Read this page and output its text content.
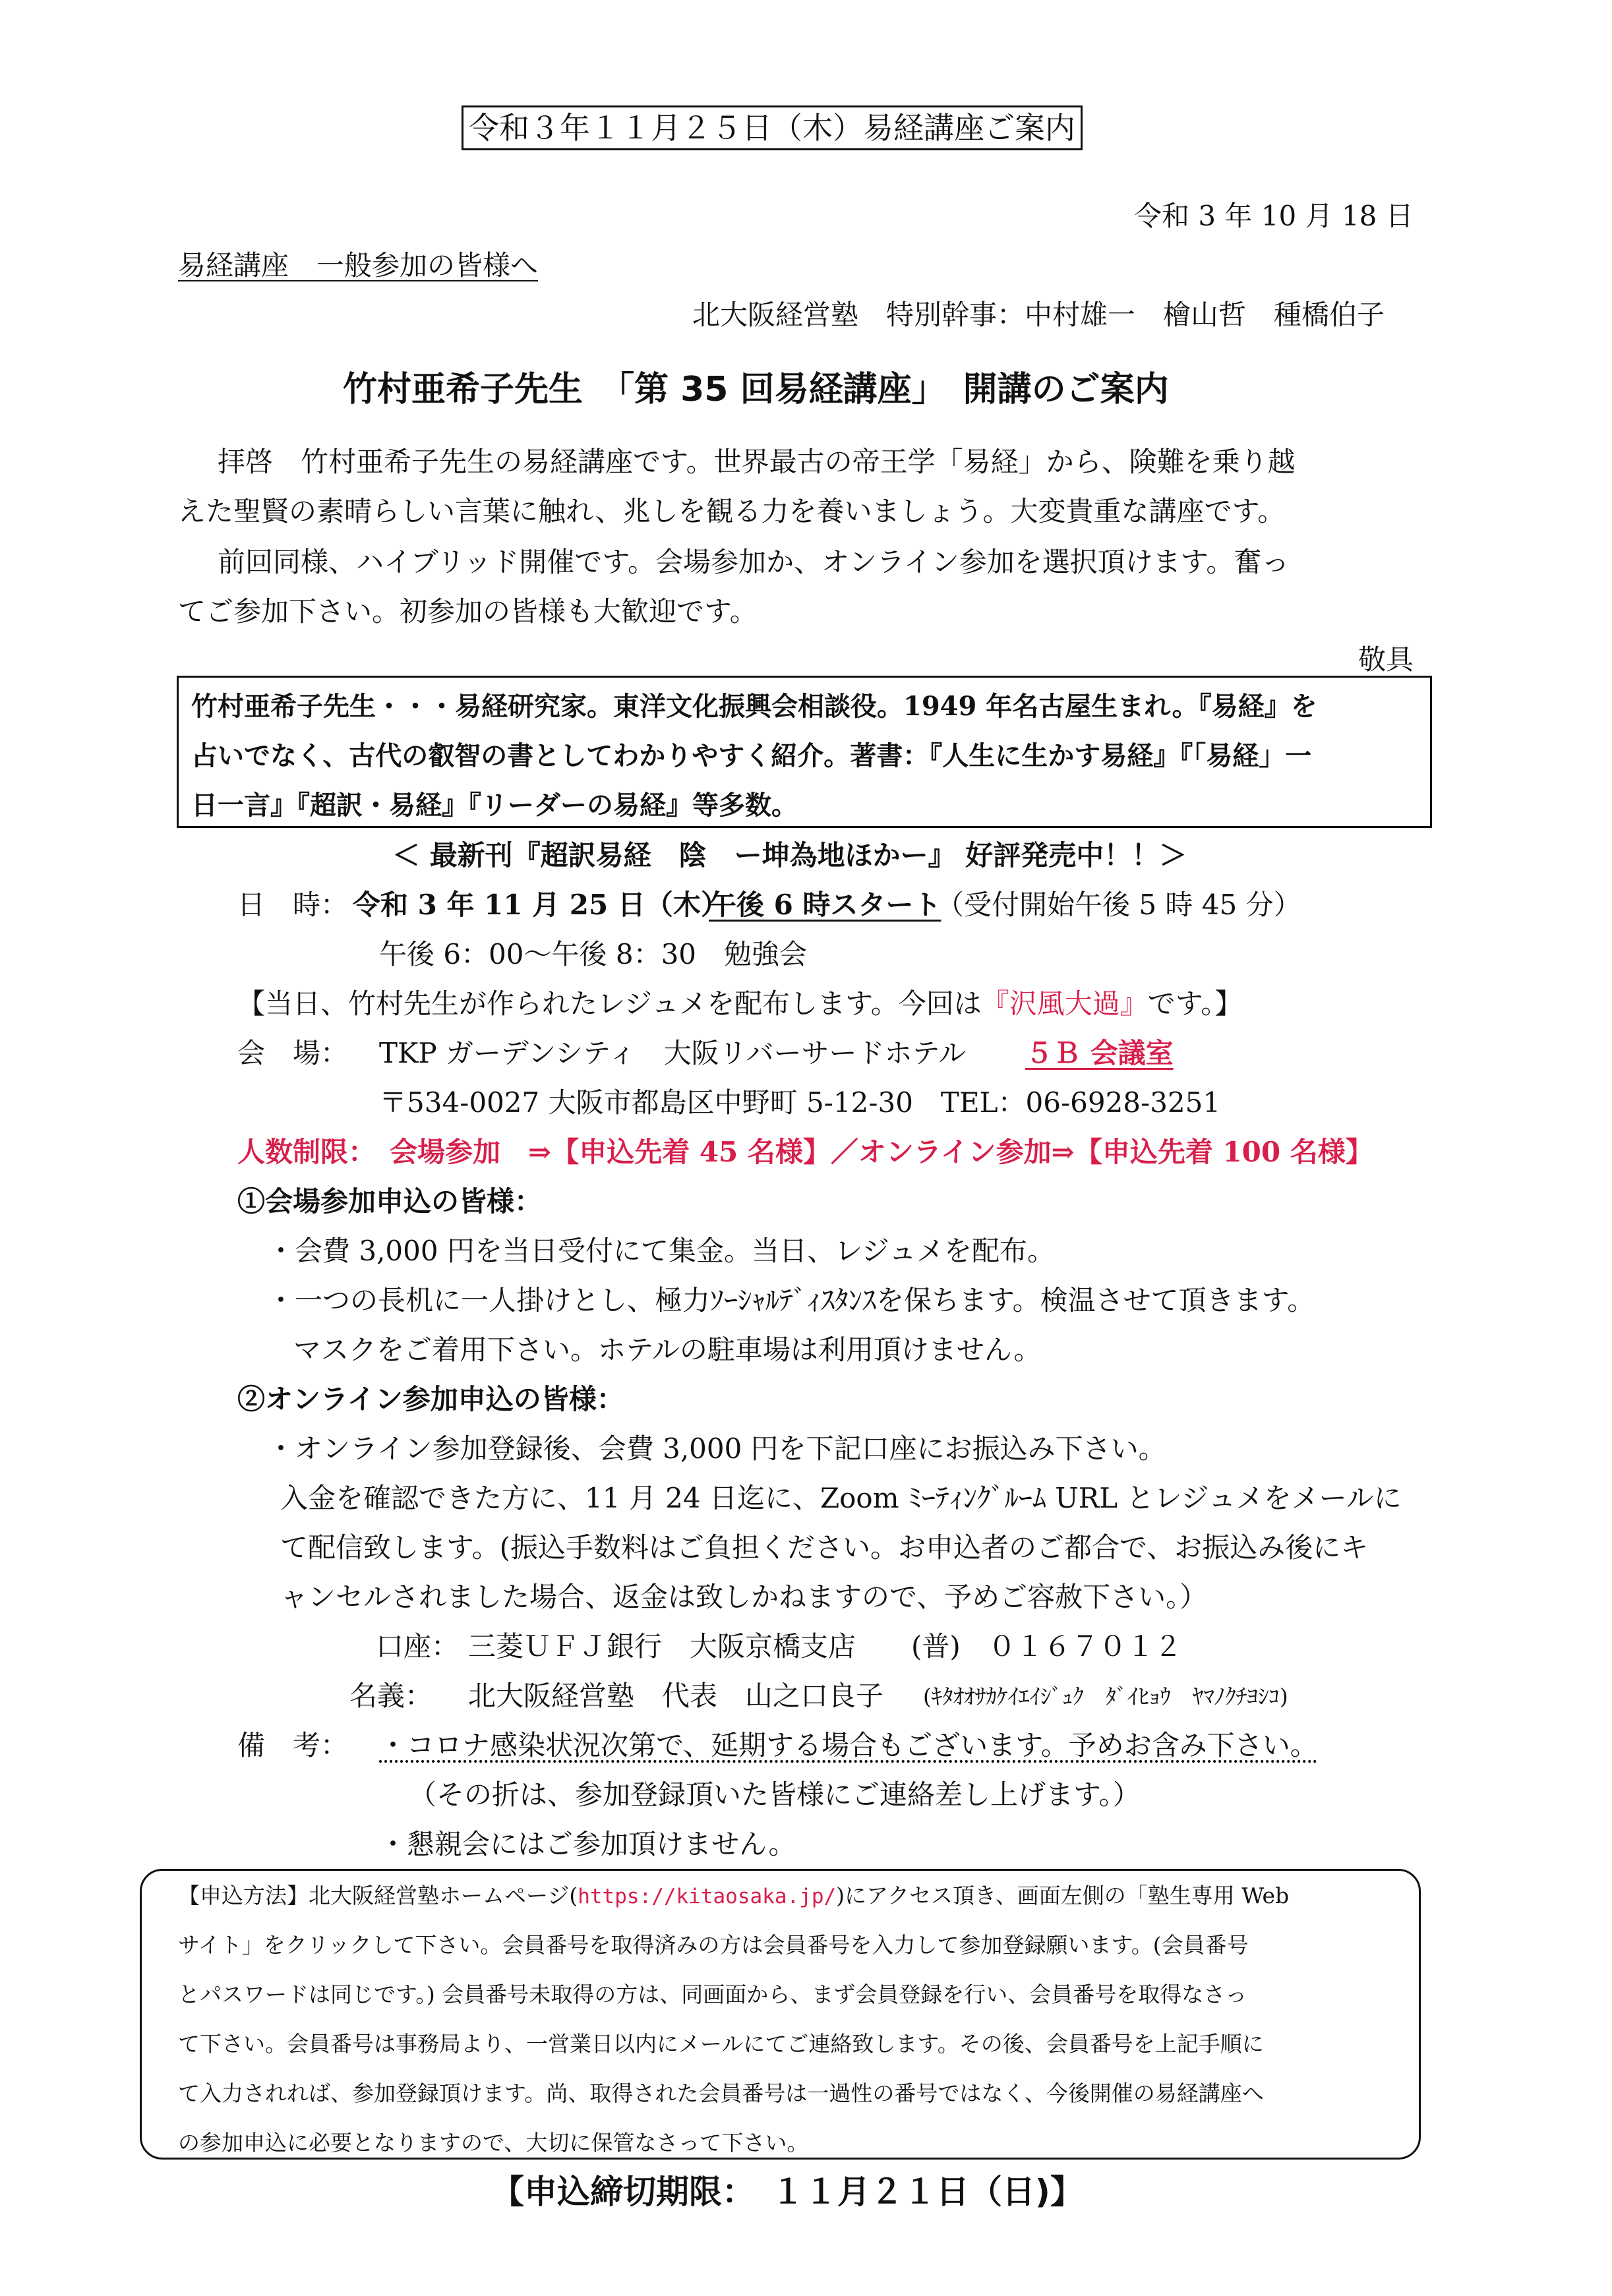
令和３年１１月２５日（木）易経講座ご案内
令和 3 年 10 月 18 日
易経講座　一般参加の皆様へ
北大阪経営塾　特別幹事：中村雄一　檜山哲　種橋伯子
竹村亜希子先生　「第 35 回易経講座」　開講のご案内
拝啓　竹村亜希子先生の易経講座です。世界最古の帝王学「易経」から、険難を乗り越
えた聖賢の素晴らしい言葉に触れ、兆しを観る力を養いましょう。大変貴重な講座です。
前回同様、ハイブリッド開催です。会場参加か、オンライン参加を選択頂けます。奮っ
てご参加下さい。初参加の皆様も大歓迎です。
敬具
竹村亜希子先生・・・易経研究家。東洋文化振興会相談役。1949 年名古屋生まれ。『易経』を
占いでなく、古代の叡智の書としてわかりやすく紹介。著書：『人生に生かす易経』『「易経」一
日一言』『超訳・易経』『リーダーの易経』等多数。
＜ 最新刊『超訳易経　陰　ー坤為地ほかー』 好評発売中！！＞
日　時： 令和 3 年 11 月 25 日（木）
午後 6 時スタート
（受付開始午後 5 時 45 分）
午後 6：00～午後 8：30　勉強会
【当日、竹村先生が作られたレジュメを配布します。今回は『沢風大過』です。】
会　場： TKP ガーデンシティ　大阪リバーサードホテル ５Ｂ 会議室
〒534-0027 大阪市都島区中野町 5-12-30　TEL：06-6928-3251
人数制限：　会場参加　⇒【申込先着 45 名様】／オンライン参加⇒【申込先着 100 名様】
①会場参加申込の皆様：
・会費 3,000 円を当日受付にて集金。当日、レジュメを配布。
・一つの長机に一人掛けとし、極力ｿｰｼｬﾙﾃﾞｨｽﾀﾝｽを保ちます。検温させて頂きます。
マスクをご着用下さい。ホテルの駐車場は利用頂けません。
②オンライン参加申込の皆様：
・オンライン参加登録後、会費 3,000 円を下記口座にお振込み下さい。
入金を確認できた方に、11 月 24 日迄に、Zoom ﾐｰﾃｨﾝｸﾞﾙｰﾑ URL とレジュメをメールに
て配信致します。(振込手数料はご負担ください。お申込者のご都合で、お振込み後にキ
ャンセルされました場合、返金は致しかねますので、予めご容赦下さい。）
口座： 三菱ＵＦＪ銀行　大阪京橋支店　　(普)　０１６７０１２
名義： 北大阪経営塾　代表　山之口良子 (ｷﾀｵｵｻｶｹｲｴｲｼﾞｭｸ　ﾀﾞｲﾋｮｳ　ﾔﾏﾉｸﾁﾖｼｺ)
備　考： ・コロナ感染状況次第で、延期する場合もございます。予めお含み下さい。
（その折は、参加登録頂いた皆様にご連絡差し上げます。）
・懇親会にはご参加頂けません。
【申込方法】北大阪経営塾ホームページ(https://kitaosaka.jp/)にアクセス頂き、画面左側の「塾生専用 Web
サイト」をクリックして下さい。会員番号を取得済みの方は会員番号を入力して参加登録願います。(会員番号
とパスワードは同じです。) 会員番号未取得の方は、同画面から、まず会員登録を行い、会員番号を取得なさっ
て下さい。会員番号は事務局より、一営業日以内にメールにてご連絡致します。その後、会員番号を上記手順に
て入力されれば、参加登録頂けます。尚、取得された会員番号は一過性の番号ではなく、今後開催の易経講座へ
の参加申込に必要となりますので、大切に保管なさって下さい。
【申込締切期限：　１１月２１日（日)】
